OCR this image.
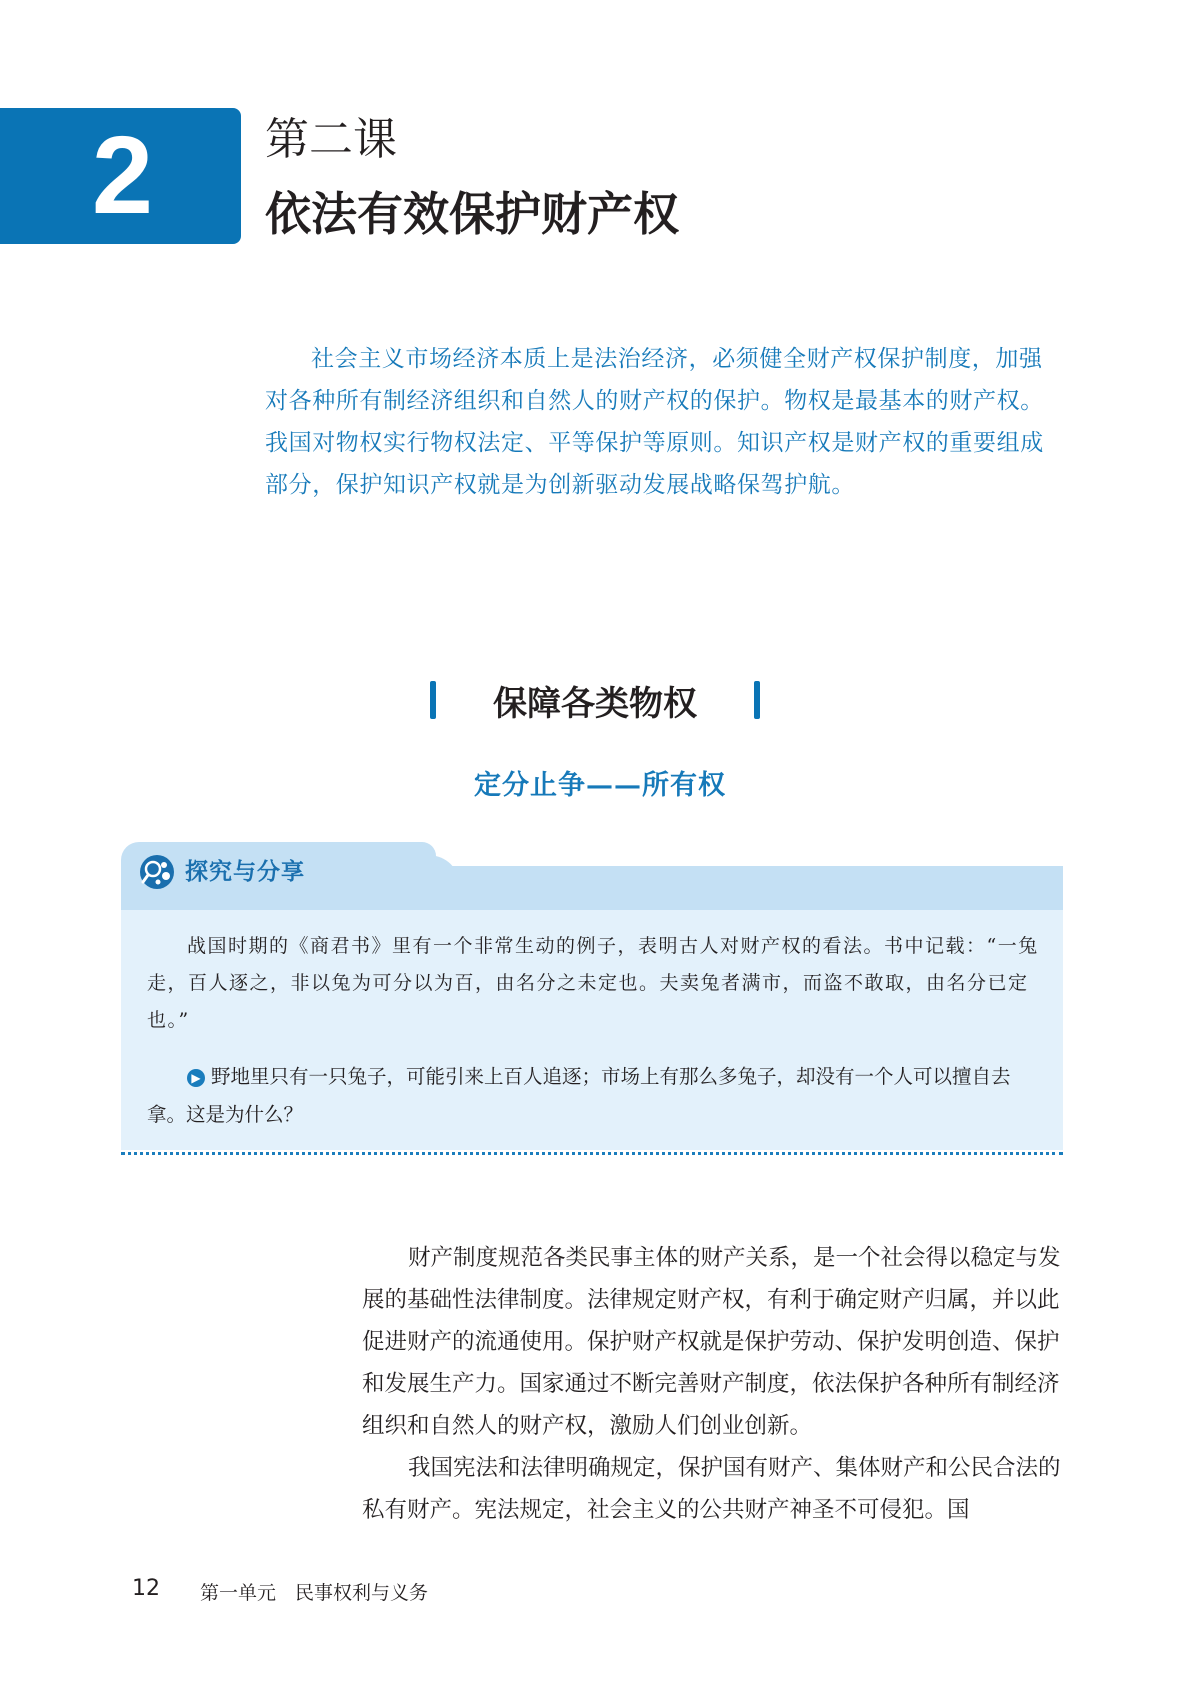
2	第二课
依法有效保护财产权

社会主义市场经济本质上是法治经济，必须健全财产权保护制度，加强对各种所有制经济组织和自然人的财产权的保护。物权是最基本的财产权。我国对物权实行物权法定、平等保护等原则。知识产权是财产权的重要组成部分，保护知识产权就是为创新驱动发展战略保驾护航。

保障各类物权
定分止争——所有权
探究与分享

战国时期的《商君书》里有一个非常生动的例子，表明古人对财产权的看法。书中记载：“一兔走，百人逐之，非以兔为可分以为百，由名分之未定也。夫卖兔者满市，而盗不敢取，由名分已定也。”

▶ 野地里只有一只兔子，可能引来上百人追逐；市场上有那么多兔子，却没有一个人可以擅自去拿。这是为什么？

财产制度规范各类民事主体的财产关系，是一个社会得以稳定与发展的基础性法律制度。法律规定财产权，有利于确定财产归属，并以此促进财产的流通使用。保护财产权就是保护劳动、保护发明创造、保护和发展生产力。国家通过不断完善财产制度，依法保护各种所有制经济组织和自然人的财产权，激励人们创业创新。

我国宪法和法律明确规定，保护国有财产、集体财产和公民合法的私有财产。宪法规定，社会主义的公共财产神圣不可侵犯。国

12 第一单元　民事权利与义务
